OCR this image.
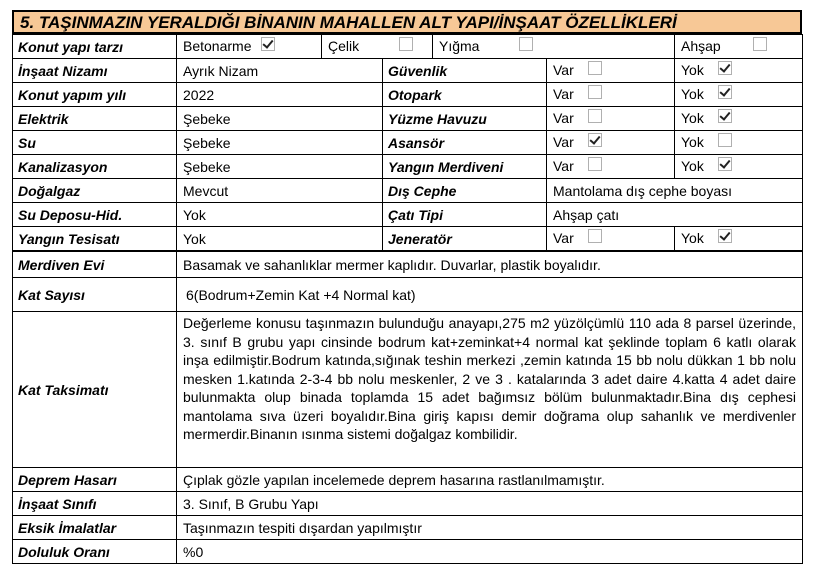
5. TAŞINMAZIN YERALDIĞI BİNANIN MAHALLEN ALT YAPI/İNŞAAT ÖZELLİKLERİ
Konut yapı tarzı	Betonarme	Çelik		Yığma		Ahşap
İnşaat Nizamı	Ayrık Nizam		Güvenlik		Var	Yok
Konut yapım yılı	2022		Otopark		Var	Yok
Elektrik	Şebeke		Yüzme Havuzu		Var	Yok
Su	Şebeke		Asansör		Var	Yok
Kanalizasyon	Şebeke		Yangın Merdiveni		Var	Yok
Doğalgaz	Mevcut		Dış Cephe		Mantolama dış cephe boyası	
Su Deposu-Hid.	Yok		Çatı Tipi		Ahşap çatı	
Yangın Tesisatı	Yok		Jeneratör		Var	Yok
Merdiven Evi	Basamak ve sahanlıklar mermer kaplıdır. Duvarlar, plastik boyalıdır.
Kat Sayısı	6(Bodrum+Zemin Kat +4 Normal kat)
Kat Taksimatı	Değerleme konusu taşınmazın bulunduğu anayapı,275 m2 yüzölçümlü 110 ada 8 parsel üzerinde, 3. sınıf B grubu yapı cinsinde bodrum kat+zeminkat+4 normal kat şeklinde toplam 6 katlı olarak inşa edilmiştir.Bodrum katında,sığınak teshin merkezi ,zemin katında 15 bb nolu dükkan 1 bb nolu mesken 1.katında 2-3-4 bb nolu meskenler, 2 ve 3 . katalarında 3 adet daire 4.katta 4 adet daire bulunmakta olup binada toplamda 15 adet bağımsız bölüm bulunmaktadır.Bina dış cephesi mantolama sıva üzeri boyalıdır.Bina giriş kapısı demir doğrama olup sahanlık ve merdivenler mermerdir.Binanın ısınma sistemi doğalgaz kombilidir.
Deprem Hasarı	Çıplak gözle yapılan incelemede deprem hasarına rastlanılmamıştır.
İnşaat Sınıfı	3. Sınıf, B Grubu Yapı
Eksik İmalatlar	Taşınmazın tespiti dışardan yapılmıştır
Doluluk Oranı	%0
